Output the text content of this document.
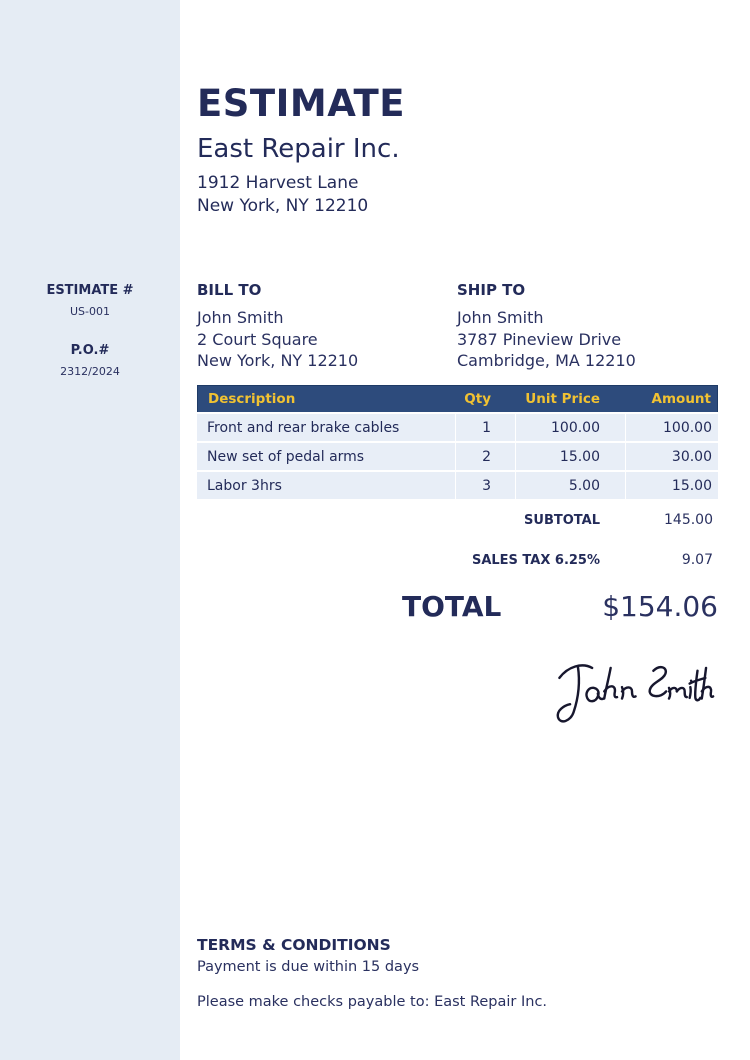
ESTIMATE
East Repair Inc.
1912 Harvest Lane
New York, NY 12210
ESTIMATE #
US-001
P.O.#
2312/2024
BILL TO
John Smith
2 Court Square
New York, NY 12210
SHIP TO
John Smith
3787 Pineview Drive
Cambridge, MA 12210
Description	Qty	Unit Price	Amount
Front and rear brake cables	1	100.00	100.00
New set of pedal arms	2	15.00	30.00
Labor 3hrs	3	5.00	15.00
SUBTOTAL	145.00
SALES TAX 6.25%	9.07
TOTAL	$154.06
TERMS & CONDITIONS
Payment is due within 15 days
Please make checks payable to: East Repair Inc.
